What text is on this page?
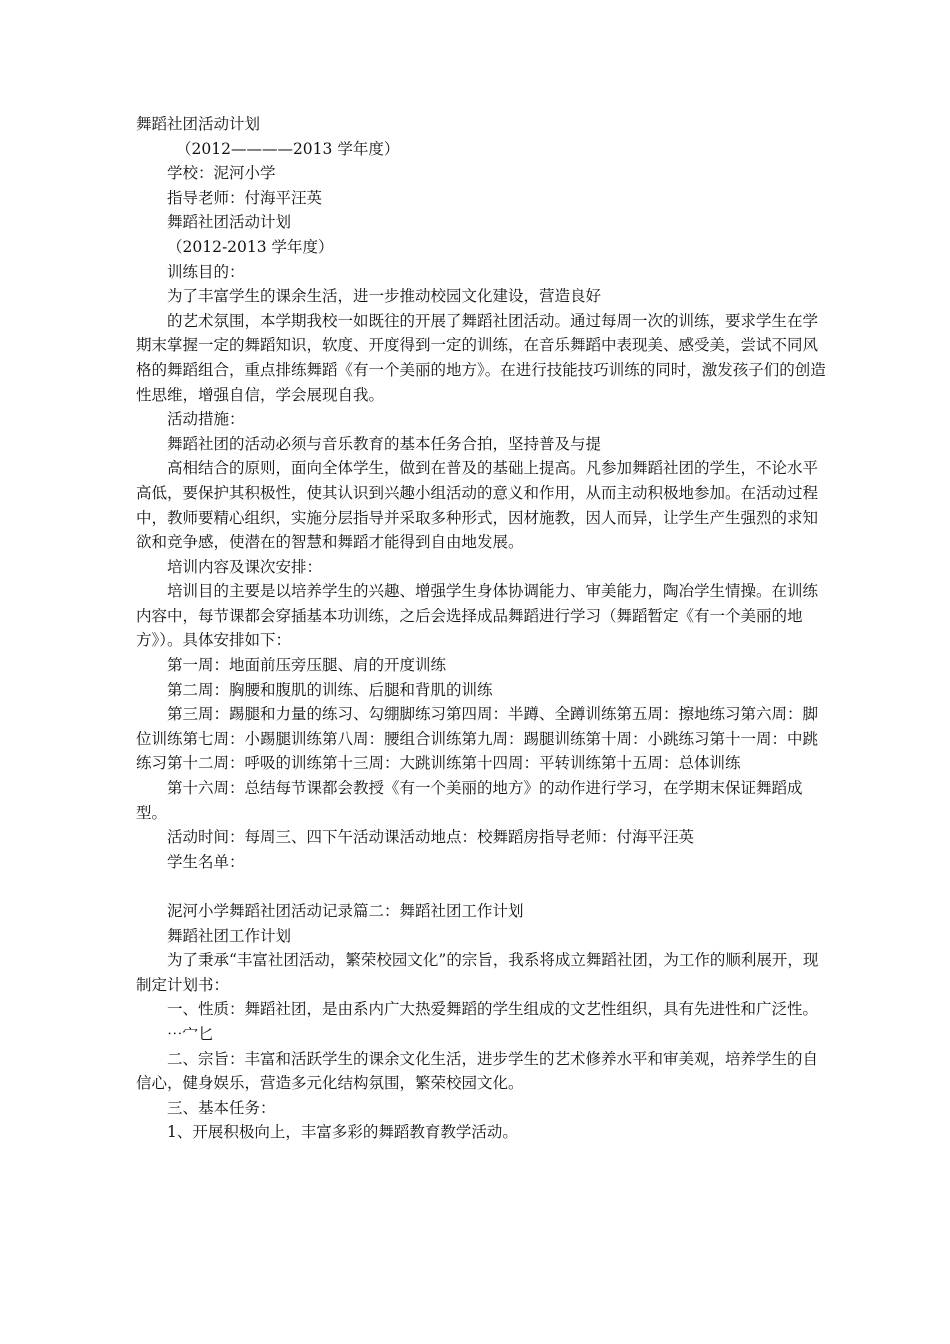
舞蹈社团活动计划

（2012————2013 学年度）

学校：泥河小学

指导老师：付海平汪英

舞蹈社团活动计划

（2012-2013 学年度）

训练目的：

为了丰富学生的课余生活，进一步推动校园文化建设，营造良好

的艺术氛围，本学期我校一如既往的开展了舞蹈社团活动。通过每周一次的训练，要求学生在学期末掌握一定的舞蹈知识，软度、开度得到一定的训练，在音乐舞蹈中表现美、感受美，尝试不同风格的舞蹈组合，重点排练舞蹈《有一个美丽的地方》。在进行技能技巧训练的同时，激发孩子们的创造性思维，增强自信，学会展现自我。

活动措施：

舞蹈社团的活动必须与音乐教育的基本任务合拍，坚持普及与提

高相结合的原则，面向全体学生，做到在普及的基础上提高。凡参加舞蹈社团的学生，不论水平高低，要保护其积极性，使其认识到兴趣小组活动的意义和作用，从而主动积极地参加。在活动过程中，教师要精心组织，实施分层指导并采取多种形式，因材施教，因人而异，让学生产生强烈的求知欲和竞争感，使潜在的智慧和舞蹈才能得到自由地发展。

培训内容及课次安排：

培训目的主要是以培养学生的兴趣、增强学生身体协调能力、审美能力，陶冶学生情操。在训练内容中，每节课都会穿插基本功训练，之后会选择成品舞蹈进行学习（舞蹈暂定《有一个美丽的地方》）。具体安排如下：

第一周：地面前压旁压腿、肩的开度训练

第二周：胸腰和腹肌的训练、后腿和背肌的训练

第三周：踢腿和力量的练习、勾绷脚练习第四周：半蹲、全蹲训练第五周：擦地练习第六周：脚位训练第七周：小踢腿训练第八周：腰组合训练第九周：踢腿训练第十周：小跳练习第十一周：中跳练习第十二周：呼吸的训练第十三周：大跳训练第十四周：平转训练第十五周：总体训练

第十六周：总结每节课都会教授《有一个美丽的地方》的动作进行学习，在学期末保证舞蹈成型。

活动时间：每周三、四下午活动课活动地点：校舞蹈房指导老师：付海平汪英

学生名单：

泥河小学舞蹈社团活动记录篇二：舞蹈社团工作计划

舞蹈社团工作计划

为了秉承“丰富社团活动，繁荣校园文化”的宗旨，我系将成立舞蹈社团，为工作的顺利展开，现制定计划书：

一、性质：舞蹈社团，是由系内广大热爱舞蹈的学生组成的文艺性组织，具有先进性和广泛性。

⋯宀匕

二、宗旨：丰富和活跃学生的课余文化生活，进步学生的艺术修养水平和审美观，培养学生的自信心，健身娱乐，营造多元化结构氛围，繁荣校园文化。

三、基本任务：

1、开展积极向上，丰富多彩的舞蹈教育教学活动。
